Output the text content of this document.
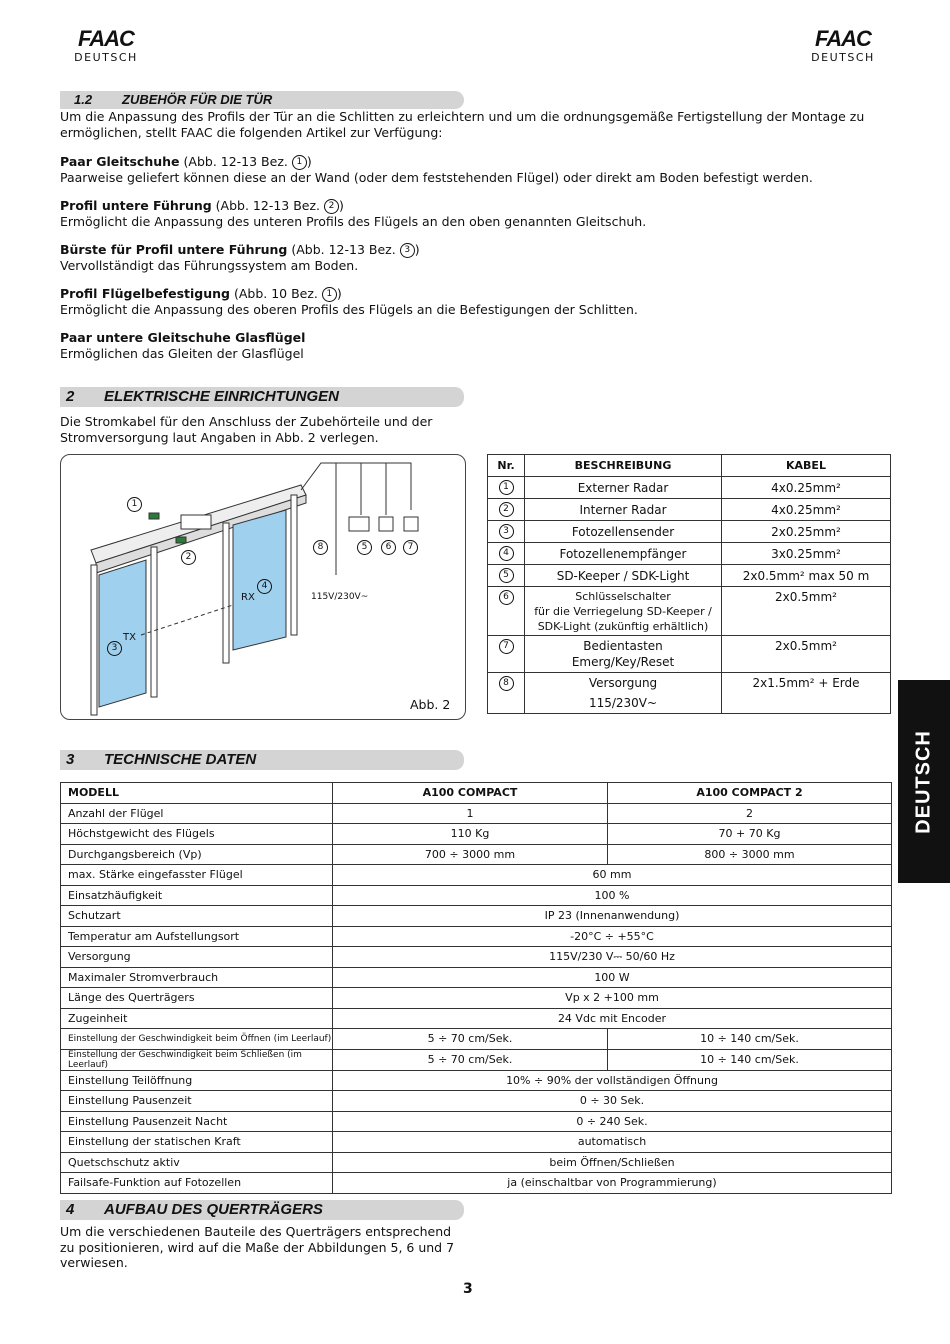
FAAC
DEUTSCH
FAAC
DEUTSCH
1.2 ZUBEHÖR FÜR DIE TÜR
Um die Anpassung des Profils der Tür an die Schlitten zu erleichtern und um die ordnungsgemäße Fertigstellung der Montage zu
ermöglichen, stellt FAAC die folgenden Artikel zur Verfügung:
Paar Gleitschuhe (Abb. 12-13 Bez. 1 )
Paarweise geliefert können diese an der Wand (oder dem feststehenden Flügel) oder direkt am Boden befestigt werden.
Profil untere Führung (Abb. 12-13 Bez. 2 )
Ermöglicht die Anpassung des unteren Profils des Flügels an den oben genannten Gleitschuh.
Bürste für Profil untere Führung (Abb. 12-13 Bez. 3 )
Vervollständigt das Führungssystem am Boden.
Profil Flügelbefestigung (Abb. 10 Bez. 1 )
Ermöglicht die Anpassung des oberen Profils des Flügels an die Befestigungen der Schlitten.
Paar untere Gleitschuhe Glasflügel
Ermöglichen das Gleiten der Glasflügel
2 ELEKTRISCHE EINRICHTUNGEN
Die Stromkabel für den Anschluss der Zubehörteile und der
Stromversorgung laut Angaben in Abb. 2 verlegen.
1
2
3
4
5	6	7
8
RX
TX
115V/230V~
Abb. 2
Nr.	BESCHREIBUNG	KABEL
1	Externer Radar	4x0.25mm²
2	Interner Radar	4x0.25mm²
3	Fotozellensender	2x0.25mm²
4	Fotozellenempfänger	3x0.25mm²
5	SD-Keeper / SDK-Light	2x0.5mm² max 50 m
6	Schlüsselschalter
für die Verriegelung SD-Keeper /
SDK-Light (zukünftig erhältlich)	2x0.5mm²
7	Bedientasten
Emerg/Key/Reset	2x0.5mm²
8	Versorgung
115/230V~	2x1.5mm² + Erde
DEUTSCH
3 TECHNISCHE DATEN
MODELL	A100 COMPACT	A100 COMPACT 2
Anzahl der Flügel	1	2
Höchstgewicht des Flügels	110 Kg	70 + 70 Kg
Durchgangsbereich (Vp)	700 ÷ 3000 mm	800 ÷ 3000 mm
max. Stärke eingefasster Flügel	60 mm	
Einsatzhäufigkeit	100 %	
Schutzart	IP 23 (Innenanwendung)	
Temperatur am Aufstellungsort	-20°C ÷ +55°C	
Versorgung	115V/230 V⎓ 50/60 Hz	
Maximaler Stromverbrauch	100 W	
Länge des Querträgers	Vp x 2 +100 mm	
Zugeinheit	24 Vdc mit Encoder	
Einstellung der Geschwindigkeit beim Öffnen (im Leerlauf)	5 ÷ 70 cm/Sek.	10 ÷ 140 cm/Sek.
Einstellung der Geschwindigkeit beim Schließen (im Leerlauf)	5 ÷ 70 cm/Sek.	10 ÷ 140 cm/Sek.
Einstellung Teilöffnung	10% ÷ 90% der vollständigen Öffnung	
Einstellung Pausenzeit	0 ÷ 30 Sek.	
Einstellung Pausenzeit Nacht	0 ÷ 240 Sek.	
Einstellung der statischen Kraft	automatisch	
Quetschschutz aktiv	beim Öffnen/Schließen	
Failsafe-Funktion auf Fotozellen	ja (einschaltbar von Programmierung)	
4 AUFBAU DES QUERTRÄGERS
Um die verschiedenen Bauteile des Querträgers entsprechend
zu positionieren, wird auf die Maße der Abbildungen 5, 6 und 7
verwiesen.
3
